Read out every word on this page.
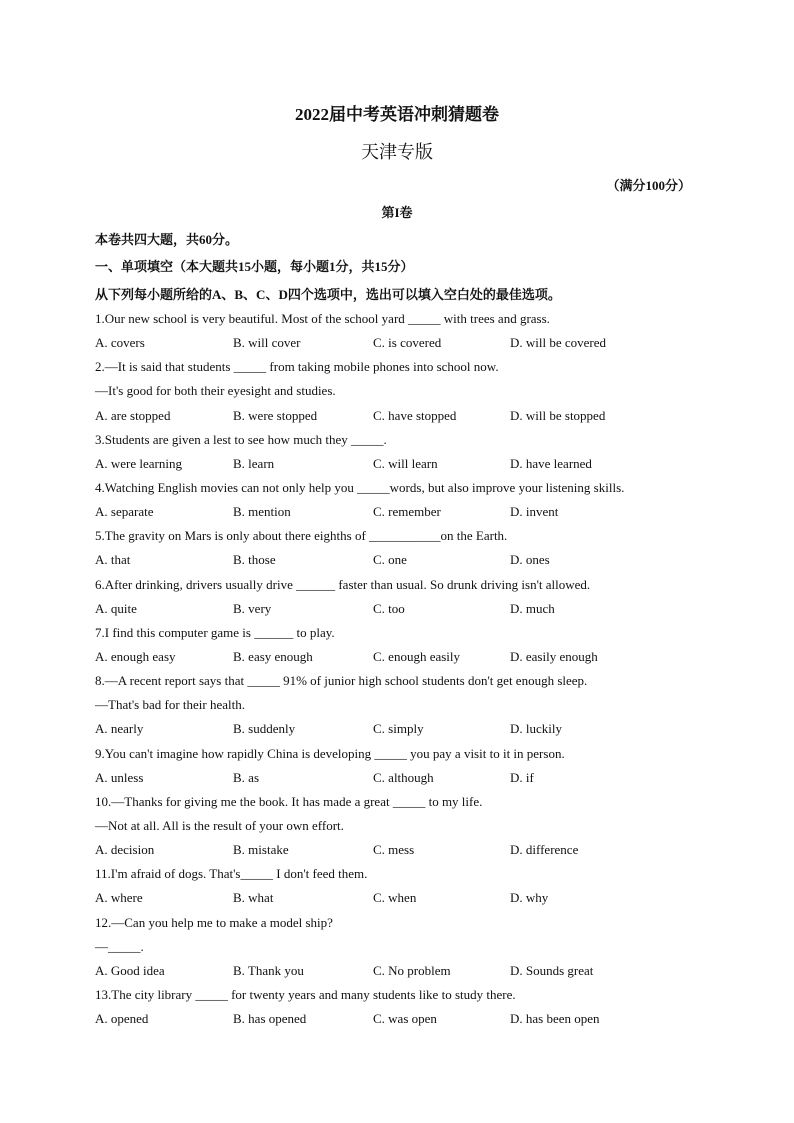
2022届中考英语冲刺猜题卷
天津专版
（满分100分）
第I卷
本卷共四大题，共60分。
一、单项填空（本大题共15小题，每小题1分，共15分）
从下列每小题所给的A、B、C、D四个选项中，选出可以填入空白处的最佳选项。
1.Our new school is very beautiful. Most of the school yard _____ with trees and grass.
A. covers	B. will cover	C. is covered	D. will be covered
2.—It is said that students _____ from taking mobile phones into school now.
—It's good for both their eyesight and studies.
A. are stopped	B. were stopped	C. have stopped	D. will be stopped
3.Students are given a lest to see how much they _____.
A. were learning	B. learn	C. will learn	D. have learned
4.Watching English movies can not only help you _____words, but also improve your listening skills.
A. separate	B. mention	C. remember	D. invent
5.The gravity on Mars is only about there eighths of ___________on the Earth.
A. that	B. those	C. one	D. ones
6.After drinking, drivers usually drive ______ faster than usual. So drunk driving isn't allowed.
A. quite	B. very	C. too	D. much
7.I find this computer game is ______ to play.
A. enough easy	B. easy enough	C. enough easily	D. easily enough
8.—A recent report says that _____ 91% of junior high school students don't get enough sleep.
—That's bad for their health.
A. nearly	B. suddenly	C. simply	D. luckily
9.You can't imagine how rapidly China is developing _____ you pay a visit to it in person.
A. unless	B. as	C. although	D. if
10.—Thanks for giving me the book. It has made a great _____ to my life.
—Not at all. All is the result of your own effort.
A. decision	B. mistake	C. mess	D. difference
11.I'm afraid of dogs. That's_____ I don't feed them.
A. where	B. what	C. when	D. why
12.—Can you help me to make a model ship?
—_____.
A. Good idea	B. Thank you	C. No problem	D. Sounds great
13.The city library _____ for twenty years and many students like to study there.
A. opened	B. has opened	C. was open	D. has been open
